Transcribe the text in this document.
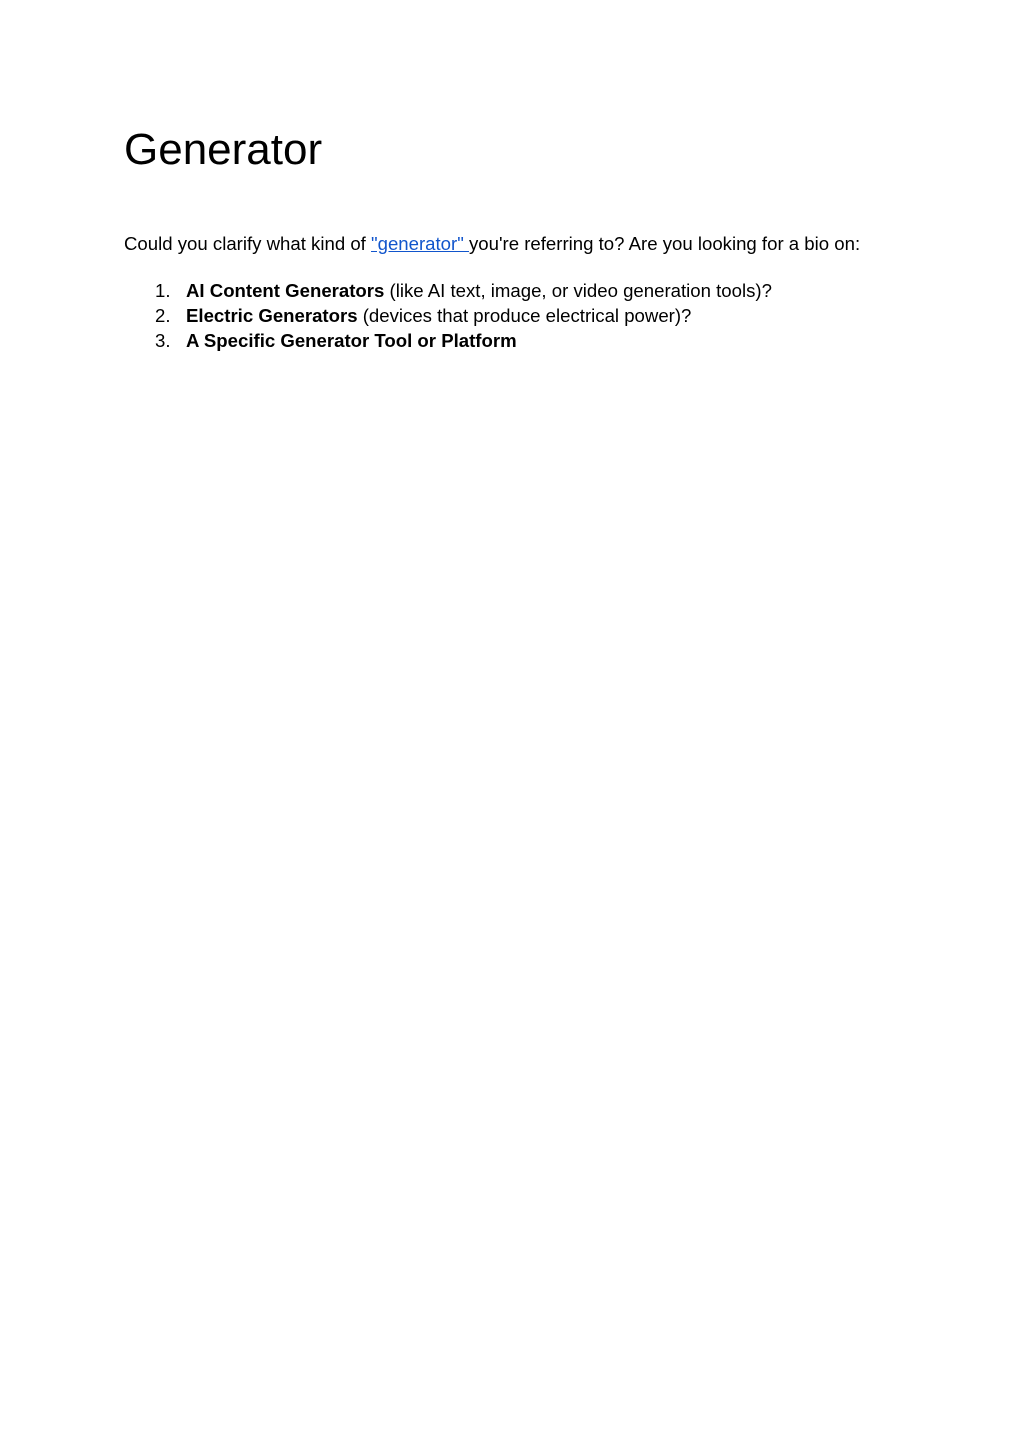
Generator

Could you clarify what kind of "generator" you're referring to? Are you looking for a bio on:

1. AI Content Generators (like AI text, image, or video generation tools)?
2. Electric Generators (devices that produce electrical power)?
3. A Specific Generator Tool or Platform
